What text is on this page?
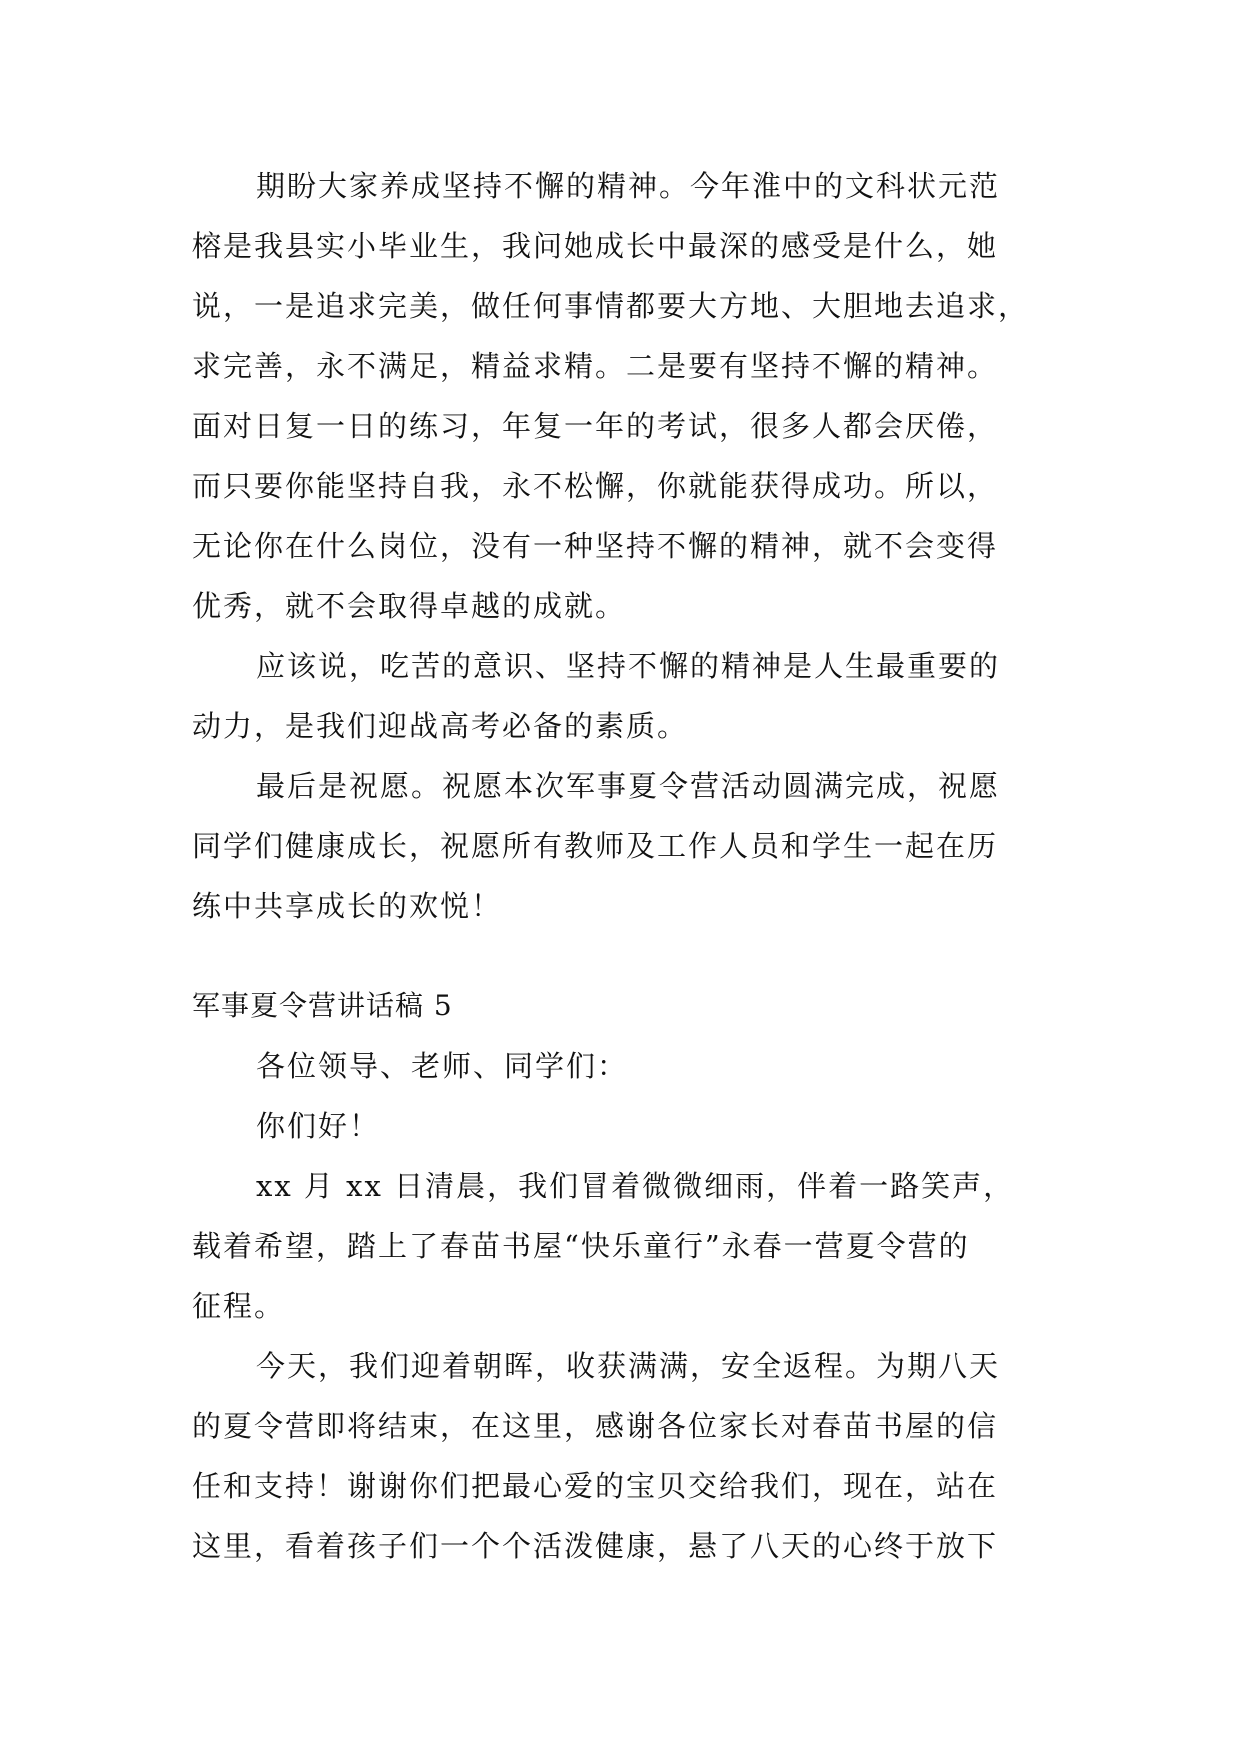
期盼大家养成坚持不懈的精神。今年淮中的文科状元范
榕是我县实小毕业生，我问她成长中最深的感受是什么，她
说，一是追求完美，做任何事情都要大方地、大胆地去追求，
求完善，永不满足，精益求精。二是要有坚持不懈的精神。
面对日复一日的练习，年复一年的考试，很多人都会厌倦，
而只要你能坚持自我，永不松懈，你就能获得成功。所以，
无论你在什么岗位，没有一种坚持不懈的精神，就不会变得
优秀，就不会取得卓越的成就。
应该说，吃苦的意识、坚持不懈的精神是人生最重要的
动力，是我们迎战高考必备的素质。
最后是祝愿。祝愿本次军事夏令营活动圆满完成，祝愿
同学们健康成长，祝愿所有教师及工作人员和学生一起在历
练中共享成长的欢悦！
军事夏令营讲话稿 5
各位领导、老师、同学们：
你们好！
xx 月 xx 日清晨，我们冒着微微细雨，伴着一路笑声，
载着希望，踏上了春苗书屋“快乐童行”永春一营夏令营的
征程。
今天，我们迎着朝晖，收获满满，安全返程。为期八天
的夏令营即将结束，在这里，感谢各位家长对春苗书屋的信
任和支持！谢谢你们把最心爱的宝贝交给我们，现在，站在
这里，看着孩子们一个个活泼健康，悬了八天的心终于放下
